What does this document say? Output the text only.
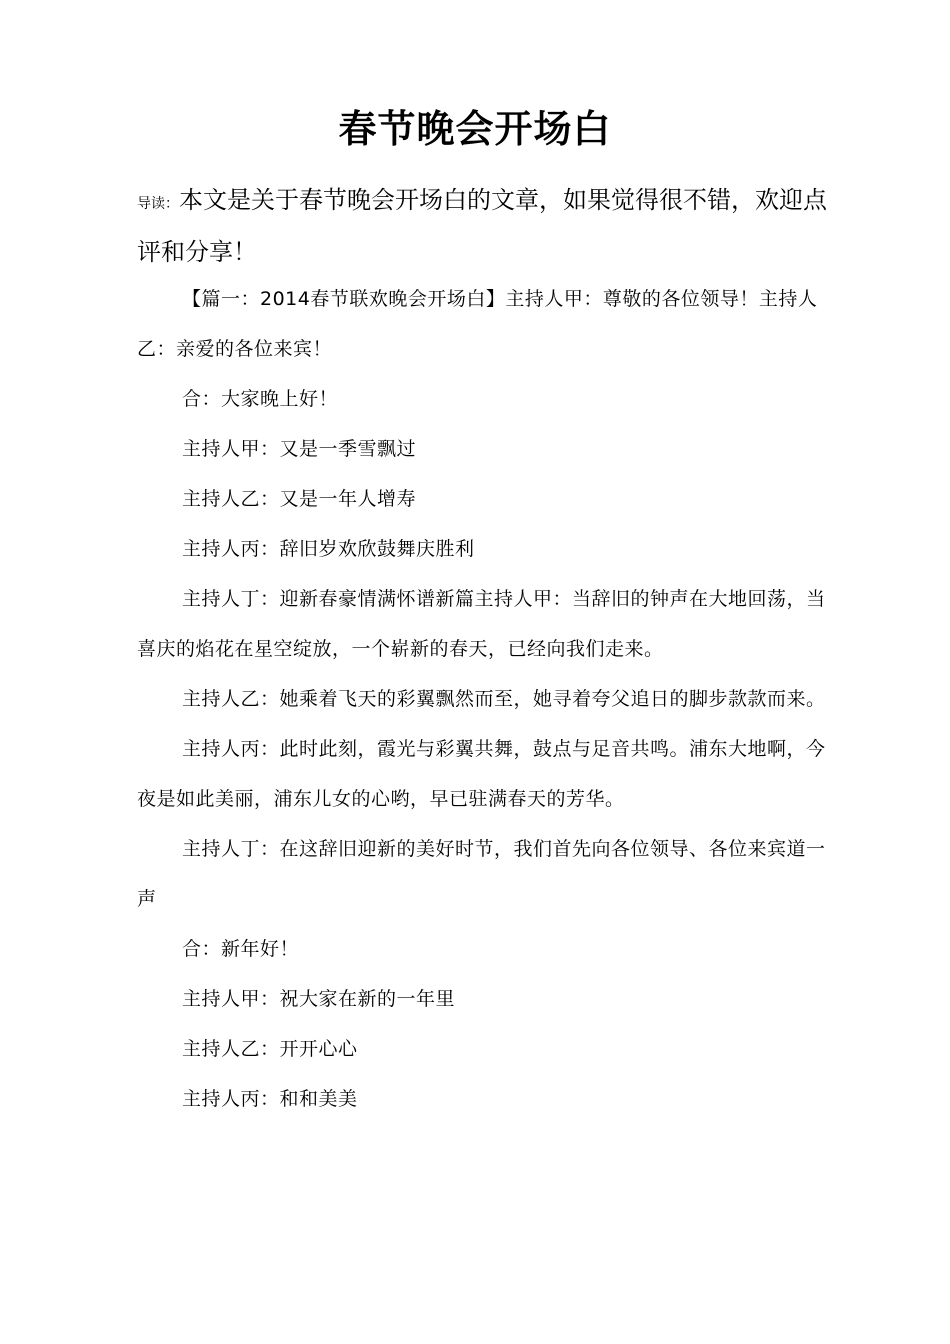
春节晚会开场白
导读：本文是关于春节晚会开场白的文章，如果觉得很不错，欢迎点评和分享！

【篇一：2014春节联欢晚会开场白】主持人甲：尊敬的各位领导！主持人乙：亲爱的各位来宾！

合：大家晚上好！

主持人甲：又是一季雪飘过

主持人乙：又是一年人增寿

主持人丙：辞旧岁欢欣鼓舞庆胜利

主持人丁：迎新春豪情满怀谱新篇主持人甲：当辞旧的钟声在大地回荡，当喜庆的焰花在星空绽放，一个崭新的春天，已经向我们走来。

主持人乙：她乘着飞天的彩翼飘然而至，她寻着夸父追日的脚步款款而来。

主持人丙：此时此刻，霞光与彩翼共舞，鼓点与足音共鸣。浦东大地啊，今夜是如此美丽，浦东儿女的心哟，早已驻满春天的芳华。

主持人丁：在这辞旧迎新的美好时节，我们首先向各位领导、各位来宾道一声

合：新年好！

主持人甲：祝大家在新的一年里

主持人乙：开开心心

主持人丙：和和美美
